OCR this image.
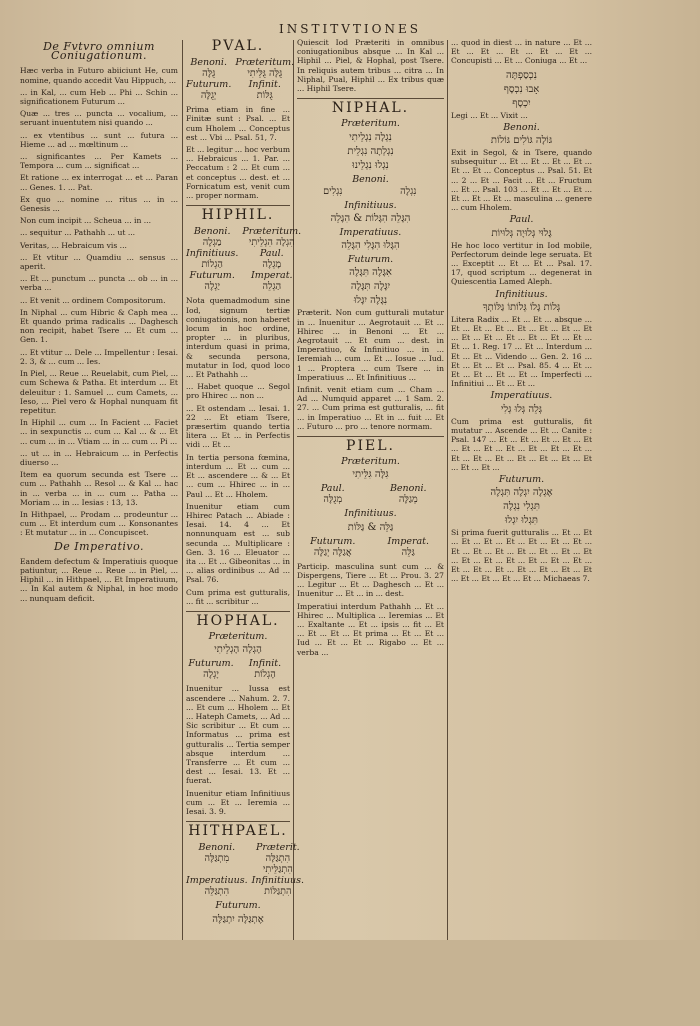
INSTITVTIONES
De Fvtvro omnium Coniugationum.

Hæc verba in Futuro abiiciunt He, cum nomine, quando accedit Vau Hippuch, ...

... in Kal, ... cum Heb ... Phi ... Schin ... significationem Futurum ...

Quæ ... tres ... puncta ... vocalium, ... seruant inuentutem nisi quando ...

... ex vtentibus ... sunt ... futura ... Hieme ... ad ... mœltinum ...

... significantes ... Per Kamets ... Tempora ... cum ... significat ...

Et ratione ... ex interrogat ... et ... Paran ... Genes. 1. ... Pat.

Ex quo ... nomine ... ritus ... in ... Genesis ...

Non cum incipit ... Scheua ... in ...

... sequitur ... Pathahh ... ut ...

Veritas, ... Hebraicum vis ...

... Et vtitur ... Quamdiu ... sensus ... aperit.

... Et ... punctum ... puncta ... ob ... in ... verba ...

... Et venit ... ordinem Compositorum.

In Niphal ... cum Hibric & Caph mea ... Et quando prima radicalis ... Daghesch non recipit, habet Tsere ... Et cum ... Gen. 1.

... Et vtitur ... Dele ... Impellentur : Iesai. 2. 3, & ... cum ... Ies.

In Piel, ... Reue ... Reuelabit, cum Piel, ... cum Schewa & Patha. Et interdum ... Et deleuitur : 1. Samuel ... cum Camets, ... Ieso, ... Piel vero & Hophal nunquam fit repetitur.

In Hiphil ... cum ... In Facient ... Faciet ... in sexpunctis ... cum ... Kal ... & ... Et ... cum ... in ... Vtiam ... in ... cum ... Pi ...

... ut ... in ... Hebraicum ... in Perfectis diuerso ...

Item ea quorum secunda est Tsere ... cum ... Pathahh ... Resol ... & Kal ... hac in ... verba ... in ... cum ... Patha ... Moriam ... in ... Iesias : 13, 13.

In Hithpael, ... Prodam ... prodeuntur ... cum ... Et interdum cum ... Konsonantes : Et mutatur ... in ... Concupiscet.

De Imperativo.

Eandem defectum & Imperatiuis quoque patiuntur, ... Reue ... Reue ... in Piel, ... Hiphil ... in Hithpael, ... Et Imperatiuum, ... In Kal autem & Niphal, in hoc modo ... nunquam deficit.

PVAL.
Benoni. Præteritum.
גֻּלֶּה	גֻּלָּה גֻּלֵּיתִי
Futurum.	Infinit.
יְגֻלֶּה	גֻּלּוֹת

Prima etiam in fine ... Finitæ sunt : Psal. ... Et cum Hholem ... Conceptus est ... Vbi ... Psal. 51, 7.

Et ... legitur ... hoc verbum ... Hebraicus ... 1. Par. ... Peccatum : 2 ... Et cum ... et conceptus ... dest. et ... Fornicatum est, venit cum ... proper normam.

HIPHIL.
Benoni.	Præteritum.
מַגְלֶה	הִגְלָה הִגְלֵיתִי
Infinitiuus.	Paul.
הַגְלוֹת	מָגְלֶה
Futurum.	Imperat.
יַגְלֶה	הַגְלֵה

Nota quemadmodum sine Iod, signum tertiæ coniugationis, non haberet locum in hoc ordine, propter ... in pluribus, interdum quasi in prima, & secunda persona, mutatur in Iod, quod loco ... Et Pathahh ...

... Habet quoque ... Segol pro Hhirec ... non ...

... Et ostendam ... Iesai. 1. 22 ... Et etiam Tsere, præsertim quando tertia litera ... Et ... in Perfectis vidi ... Et ...

In tertia persona fœmina, interdum ... Et ... cum ... Et ... ascendere ... & ... Et ... cum ... Hhirec ... in ... Paul ... Et ... Hholem.

Inuenitur etiam cum Hhirec Patach ... Abiade : Iesai. 14. 4 ... Et nonnunquam est ... sub secunda ... Multiplicare : Gen. 3. 16 ... Eleuator ... ita ... Et ... Gibeonitas ... in ... alias ordinibus ... Ad ... Psal. 76.

Cum prima est gutturalis, ... fit ... scribitur ...

HOPHAL.
Præteritum.
הָגְלָה הָגְלֵיתִי
Futurum.	Infinit.
יָגְלֶה	הָגְלוֹת

Inuenitur ... Iussa est ascendere ... Nahum. 2. 7. ... Et cum ... Hholem ... Et ... Hateph Camets, ... Ad ... Sic scribitur ... Et cum ... Informatus ... prima est gutturalis ... Tertia semper absque interdum ... Transferre ... Et cum ... dest ... Iesai. 13. Et ... fuerat.

Inuenitur etiam Infinitiuus cum ... Et ... Ieremia ... Iesai. 3. 9.

HITHPAEL.
Benoni.	Præterit.
מִתְגַּלֶּה	הִתְגַּלָּה הִתְגַּלֵּיתִי
Imperatiuus. Infinitiuus.
הִתְגַּלֵּה	הִתְגַּלּוֹת
Futurum.
אֶתְגַּלֶּה יִתְגַּלֶּה

Quiescit Iod Præteriti in omnibus coniugationibus absque ... In Kal ... Hiphil ... Piel, & Hophal, post Tsere. In reliquis autem tribus ... citra ... In Niphal, Pual, Hiphil ... Ex tribus quæ ... Hiphil Tsere.

NIPHAL.
Præteritum.
נִגְלָה נִגְלֵיתִי
נִגְלְתָה נִגְלֵית
נִגְלוּ נִגְלֵינוּ
Benoni.
נִגְלִים	נִגְלֶה
Infinitiuus.
הִגָּלֵה הִגָּלוֹת & הִגָּלֵה
Imperatiuus.
הִגָּלוּ הִגָּלִי הִגָּלֵה
Futurum.
אִגָּלֶה תִּגָּלֶה
יִגָּלֶה תִּגָּלֶה
נִגָּלֶה יִגָּלוּ

Præterit. Non cum gutturali mutatur in ... Inuenitur ... Aegrotauit ... Et ... Hhirec ... in Benoni ... Et ... Aegrotauit ... Et cum ... dest. in Imperatiuo, & Infinitiuo ... in ... Ieremiah ... cum ... Et ... Iosue ... Iud. 1 ... Proptera ... cum Tsere ... in Imperatiuus ... Et Infinitiuus ...

Infinit. venit etiam cum ... Cham ... Ad ... Numquid apparet ... 1 Sam. 2. 27. ... Cum prima est gutturalis, ... fit ... in Imperatiuo ... Et in ... fuit ... Et ... Futuro ... pro ... tenore normam.

PIEL.
Præteritum.
גִּלָּה גִּלֵּיתִי
Paul.	Benoni.
מְגֻלֶּה	מְגַלֶּה
Infinitiuus.
גַּלֵּה & גַּלּוֹת
Futurum.	Imperat.
אֲגַלֶּה יְגַלֶּה	גַּלֵּה

Particip. masculina sunt cum ... & Dispergens, Tiere ... Et ... Prou. 3. 27 ... Legitur ... Et ... Daghesch ... Et ... Inuenitur ... Et ... in ... dest.

Imperatiui interdum Pathahh ... Et ... Hhirec ... Multiplica ... Ieremias ... Et ... Exaltante ... Et ... ipsis ... fit ... Et ... Et ... Et ... Et prima ... Et ... Et ... Iud ... Et ... Et ... Rigabo ... Et ... verba ...

... quod in diest ... in nature ... Et ... Et ... Et ... Et ... Et ... Et ... Concupisti ... Et ... Coniuga ... Et ...

נִכְסַפְתָּה
אָבוּ נִכְסָף
יִכְסָף

Legi ... Et ... Vixit ...

Benoni.
גּוֹלָה גּוֹלִים גּוֹלוֹת

Exit in Segol, & in Tsere, quando subsequitur ... Et ... Et ... Et ... Et ... Et ... Et ... Conceptus ... Psal. 51. Et ... 2 ... Et ... Facit ... Et ... Fructum ... Et ... Psal. 103 ... Et ... Et ... Et ... Et ... Et ... Et ... masculina ... genere ... cum Hholem.

Paul.
גָּלוּי גְּלוּיָה גְּלוּיוֹת

He hoc loco vertitur in Iod mobile, Perfectorum deinde lege seruata. Et ... Exceptit ... Et ... Et ... Psal. 17. 17, quod scriptum ... degenerat in Quiescentia Lamed Aleph.

Infinitiuus.
גְּלוֹת גָּלוֹ גְּלוֹתוֹ גַּלּוֹתְךָ

Litera Radix ... Et ... Et ... absque ... Et ... Et ... Et ... Et ... Et ... Et ... Et ... Et ... Et ... Et ... Et ... Et ... Et ... Et ... 1. Reg. 17 ... Et ... Interdum ... Et ... Et ... Videndo ... Gen. 2. 16 ... Et ... Et ... Et ... Psal. 85. 4 ... Et ... Et ... Et ... Et ... Et ... Imperfecti ... Infinitiui ... Et ... Et ...

Imperatiuus.
גְּלֵה גְּלוּ גְּלִי

Cum prima est gutturalis, fit mutatur ... Ascende ... Et ... Canite : Psal. 147 ... Et ... Et ... Et ... Et ... Et ... Et ... Et ... Et ... Et ... Et ... Et ... Et ... Et ... Et ... Et ... Et ... Et ... Et ... Et ... Et ...

Futurum.
אֶגְלֶה יִגְלֶה תִּגְלֶה
תִּגְלִי נִגְלֶה
תִּגְלוּ יִגְלוּ

Si prima fuerit gutturalis ... Et ... Et ... Et ... Et ... Et ... Et ... Et ... Et ... Et ... Et ... Et ... Et ... Et ... Et ... Et ... Et ... Et ... Et ... Et ... Et ... Et ... Et ... Et ... Et ... Et ... Et ... Et ... Et ... Et ... Et ... Et ... Et ... Michaeas 7.
